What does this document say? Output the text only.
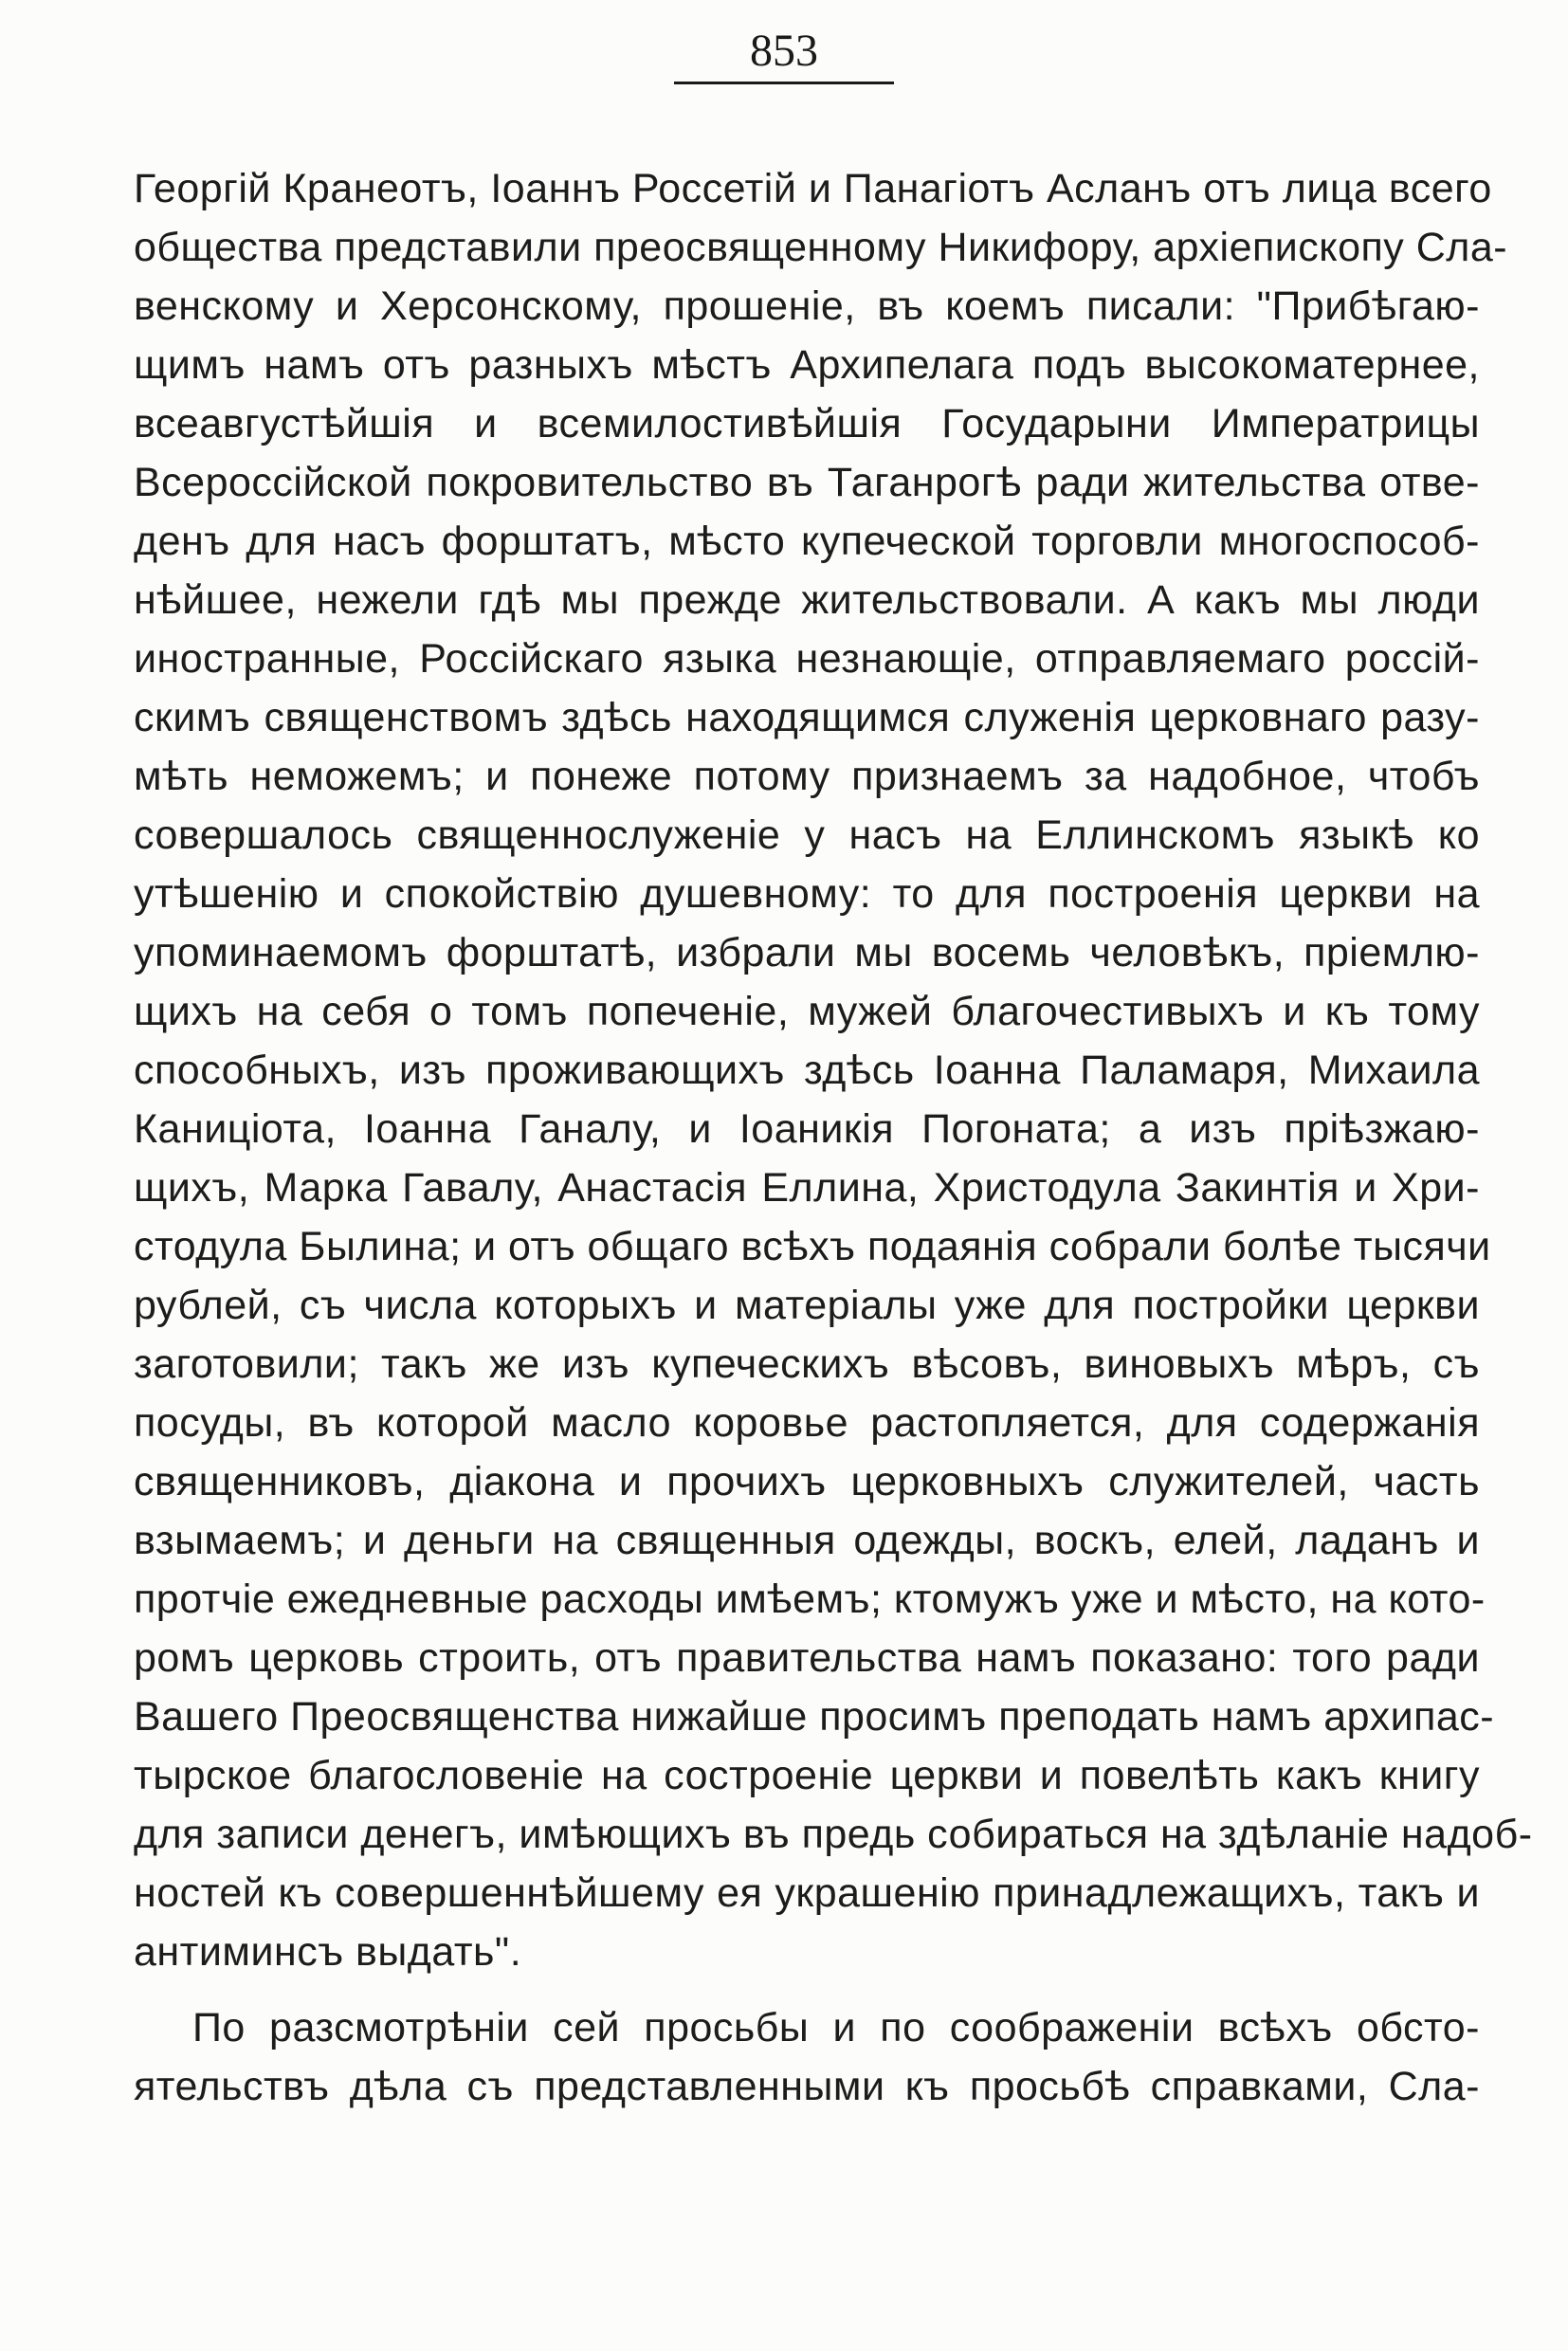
853
Георгій Кранеотъ, Іоаннъ Россетій и Панагіотъ Асланъ отъ лица всего
общества представили преосвященному Никифору, архіепископу Сла-
венскому и Херсонскому, прошеніе, въ коемъ писали: "Прибѣгаю-
щимъ намъ отъ разныхъ мѣстъ Архипелага подъ высокоматернее,
всеавгустѣйшія и всемилостивѣйшія Государыни Императрицы
Всероссійской покровительство въ Таганрогѣ ради жительства отве-
денъ для насъ форштатъ, мѣсто купеческой торговли многоспособ-
нѣйшее, нежели гдѣ мы прежде жительствовали. А какъ мы люди
иностранные, Россійскаго языка незнающіе, отправляемаго россій-
скимъ священствомъ здѣсь находящимся служенія церковнаго разу-
мѣть неможемъ; и понеже потому признаемъ за надобное, чтобъ
совершалось священнослуженіе у насъ на Еллинскомъ языкѣ ко
утѣшенію и спокойствію душевному: то для построенія церкви на
упоминаемомъ форштатѣ, избрали мы восемь человѣкъ, пріемлю-
щихъ на себя о томъ попеченіе, мужей благочестивыхъ и къ тому
способныхъ, изъ проживающихъ здѣсь Іоанна Паламаря, Михаила
Каниціота, Іоанна Ганалу, и Іоаникія Погоната; а изъ прiѣзжаю-
щихъ, Марка Гавалу, Анастасія Еллина, Христодула Закинтія и Хри-
стодула Былина; и отъ общаго всѣхъ подаянія собрали болѣе тысячи
рублей, съ числа которыхъ и матеріалы уже для постройки церкви
заготовили; такъ же изъ купеческихъ вѣсовъ, виновыхъ мѣръ, съ
посуды, въ которой масло коровье растопляется, для содержанія
священниковъ, діакона и прочихъ церковныхъ служителей, часть
взымаемъ; и деньги на священныя одежды, воскъ, елей, ладанъ и
протчіе ежедневные расходы имѣемъ; ктомужъ уже и мѣсто, на кото-
ромъ церковь строить, отъ правительства намъ показано: того ради
Вашего Преосвященства нижайше просимъ преподать намъ архипас-
тырское благословеніе на состроеніе церкви и повелѣть какъ книгу
для записи денегъ, имѣющихъ въ предь собираться на здѣланіе надоб-
ностей къ совершеннѣйшему ея украшенію принадлежащихъ, такъ и
антиминсъ выдать".
По разсмотрѣніи сей просьбы и по соображеніи всѣхъ обсто-
ятельствъ дѣла съ представленными къ просьбѣ справками, Сла-
